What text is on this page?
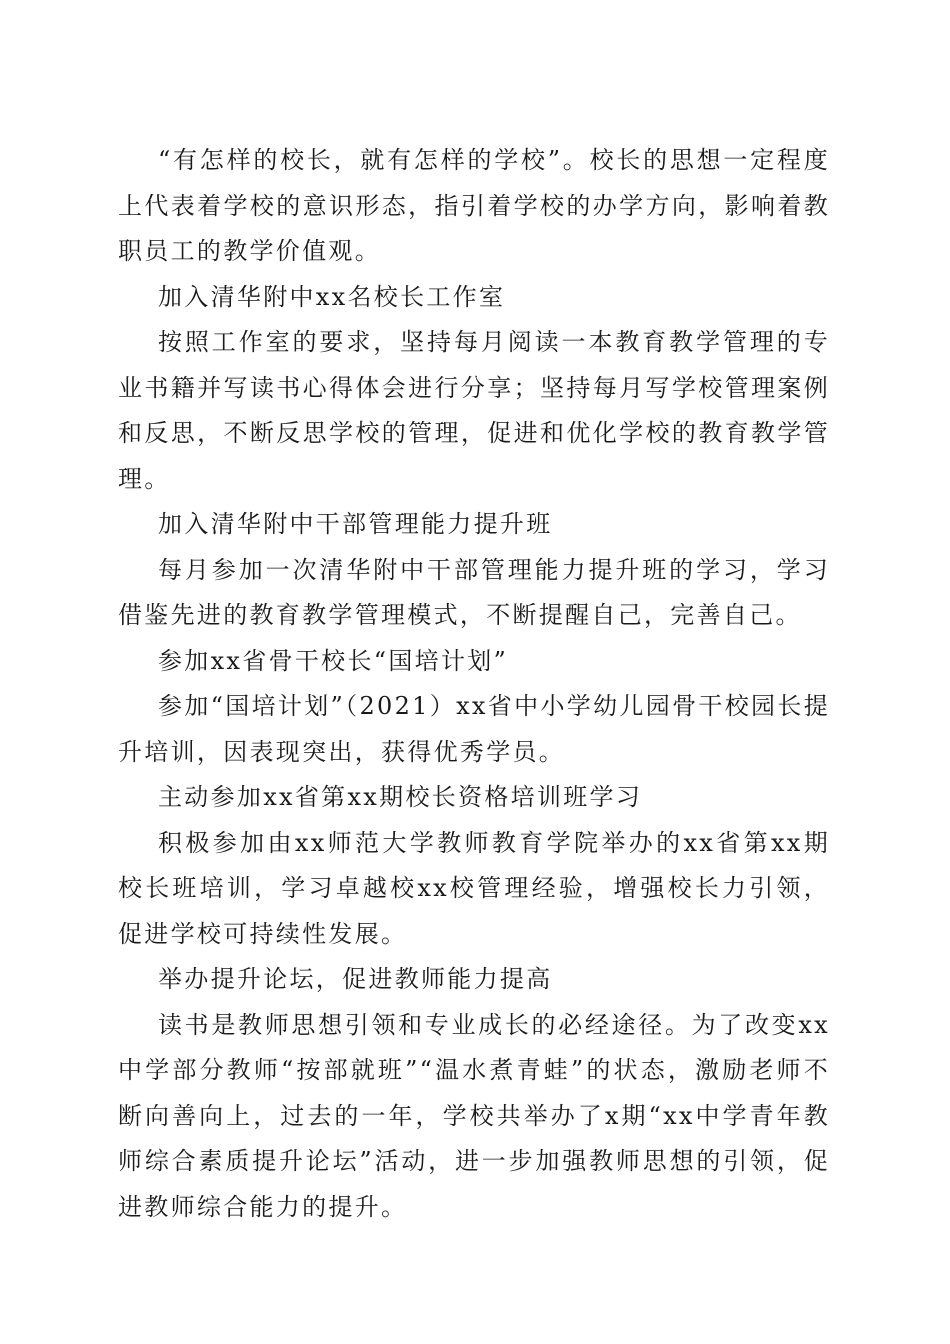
“有怎样的校长，就有怎样的学校”。校长的思想一定程度上代表着学校的意识形态，指引着学校的办学方向，影响着教职员工的教学价值观。

加入清华附中xx名校长工作室

按照工作室的要求，坚持每月阅读一本教育教学管理的专业书籍并写读书心得体会进行分享；坚持每月写学校管理案例和反思，不断反思学校的管理，促进和优化学校的教育教学管理。

加入清华附中干部管理能力提升班

每月参加一次清华附中干部管理能力提升班的学习，学习借鉴先进的教育教学管理模式，不断提醒自己，完善自己。

参加xx省骨干校长“国培计划”

参加“国培计划”（2021）xx省中小学幼儿园骨干校园长提升培训，因表现突出，获得优秀学员。

主动参加xx省第xx期校长资格培训班学习

积极参加由xx师范大学教师教育学院举办的xx省第xx期校长班培训，学习卓越校xx校管理经验，增强校长力引领，促进学校可持续性发展。

举办提升论坛，促进教师能力提高

读书是教师思想引领和专业成长的必经途径。为了改变xx中学部分教师“按部就班”“温水煮青蛙”的状态，激励老师不断向善向上，过去的一年，学校共举办了x期“xx中学青年教师综合素质提升论坛”活动，进一步加强教师思想的引领，促进教师综合能力的提升。
